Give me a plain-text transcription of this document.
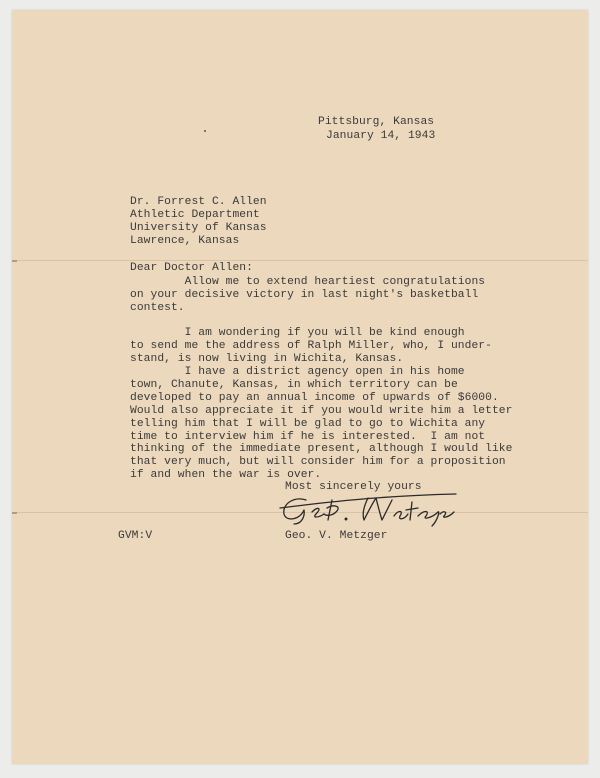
Pittsburg, Kansas

January 14, 1943

Dr. Forrest C. Allen

Athletic Department

University of Kansas

Lawrence, Kansas

Dear Doctor Allen:

Allow me to extend heartiest congratulations
on your decisive victory in last night's basketball
contest.

I am wondering if you will be kind enough
to send me the address of Ralph Miller, who, I under-
stand, is now living in Wichita, Kansas.

I have a district agency open in his home
town, Chanute, Kansas, in which territory can be
developed to pay an annual income of upwards of $6000.
Would also appreciate it if you would write him a letter
telling him that I will be glad to go to Wichita any
time to interview him if he is interested.  I am not
thinking of the immediate present, although I would like
that very much, but will consider him for a proposition
if and when the war is over.

Most sincerely yours

Geo. V. Metzger

GVM:V
